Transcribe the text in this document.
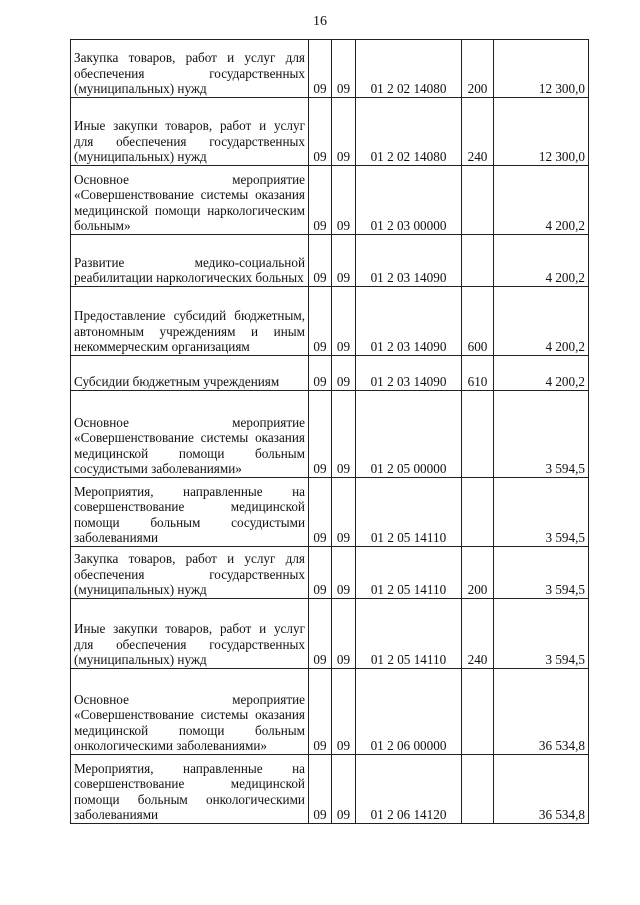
16
Закупка товаров, работ и услуг для обеспечения государственных (муниципальных) нужд	09	09	01 2 02 14080	200	12 300,0
Иные закупки товаров, работ и услуг для обеспечения государственных (муниципальных) нужд	09	09	01 2 02 14080	240	12 300,0
Основное мероприятие «Совершенствование системы оказания медицинской помощи наркологическим больным»	09	09	01 2 03 00000		4 200,2
Развитие медико-социальной реабилитации наркологических больных	09	09	01 2 03 14090		4 200,2
Предоставление субсидий бюджетным, автономным учреждениям и иным некоммерческим организациям	09	09	01 2 03 14090	600	4 200,2
Субсидии бюджетным учреждениям	09	09	01 2 03 14090	610	4 200,2
Основное мероприятие «Совершенствование системы оказания медицинской помощи больным сосудистыми заболеваниями»	09	09	01 2 05 00000		3 594,5
Мероприятия, направленные на совершенствование медицинской помощи больным сосудистыми заболеваниями	09	09	01 2 05 14110		3 594,5
Закупка товаров, работ и услуг для обеспечения государственных (муниципальных) нужд	09	09	01 2 05 14110	200	3 594,5
Иные закупки товаров, работ и услуг для обеспечения государственных (муниципальных) нужд	09	09	01 2 05 14110	240	3 594,5
Основное мероприятие «Совершенствование системы оказания медицинской помощи больным онкологическими заболеваниями»	09	09	01 2 06 00000		36 534,8
Мероприятия, направленные на совершенствование медицинской помощи больным онкологическими заболеваниями	09	09	01 2 06 14120		36 534,8
